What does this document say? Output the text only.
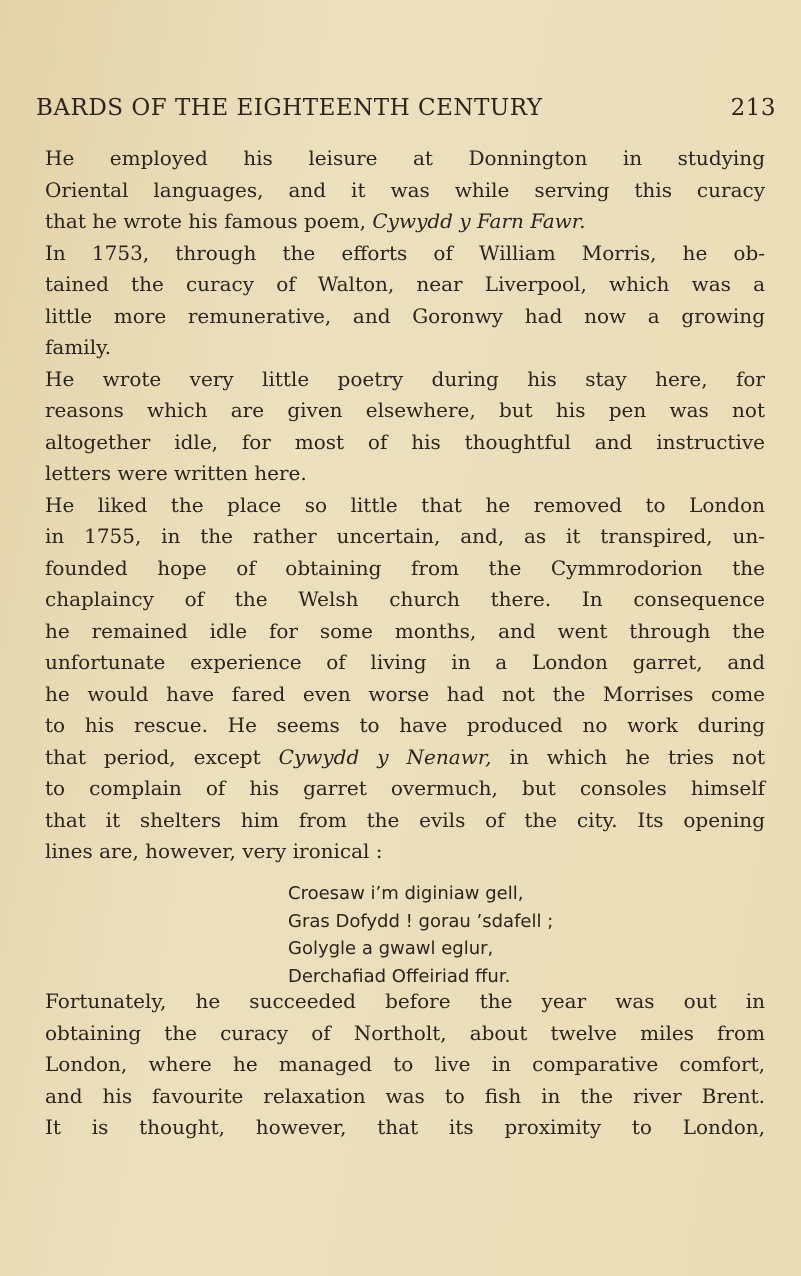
BARDS OF THE EIGHTEENTH CENTURY	213
He employed his leisure at Donnington in studying
Oriental languages, and it was while serving this curacy
that he wrote his famous poem, Cywydd y Farn Fawr.
In 1753, through the efforts of William Morris, he ob-
tained the curacy of Walton, near Liverpool, which was a
little more remunerative, and Goronwy had now a growing
family.
He wrote very little poetry during his stay here, for
reasons which are given elsewhere, but his pen was not
altogether idle, for most of his thoughtful and instructive
letters were written here.
He liked the place so little that he removed to London
in 1755, in the rather uncertain, and, as it transpired, un-
founded hope of obtaining from the Cymmrodorion the
chaplaincy of the Welsh church there. In consequence
he remained idle for some months, and went through the
unfortunate experience of living in a London garret, and
he would have fared even worse had not the Morrises come
to his rescue. He seems to have produced no work during
that period, except Cywydd y Nenawr, in which he tries not
to complain of his garret overmuch, but consoles himself
that it shelters him from the evils of the city. Its opening
lines are, however, very ironical :
Croesaw i’m diginiaw gell,
Gras Dofydd ! gorau ’sdafell ;
Golygle a gwawl eglur,
Derchafiad Offeiriad ffur.
Fortunately, he succeeded before the year was out in
obtaining the curacy of Northolt, about twelve miles from
London, where he managed to live in comparative comfort,
and his favourite relaxation was to fish in the river Brent.
It is thought, however, that its proximity to London,
